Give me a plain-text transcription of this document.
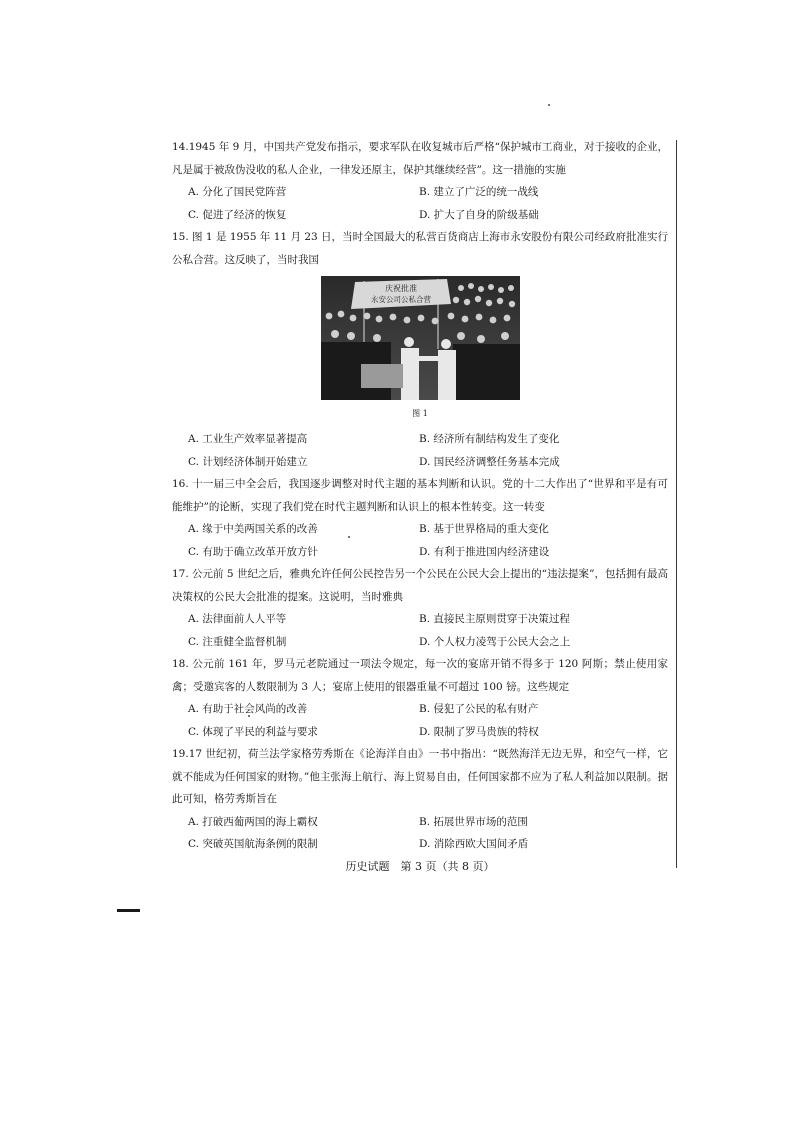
14.1945 年 9 月，中国共产党发布指示，要求军队在收复城市后严格“保护城市工商业，对于接收的企业，凡是属于被敌伪没收的私人企业，一律发还原主，保护其继续经营”。这一措施的实施
A. 分化了国民党阵营	B. 建立了广泛的统一战线
C. 促进了经济的恢复	D. 扩大了自身的阶级基础
15. 图 1 是 1955 年 11 月 23 日，当时全国最大的私营百货商店上海市永安股份有限公司经政府批准实行公私合营。这反映了，当时我国
庆祝批准
永安公司公私合营
图 1
A. 工业生产效率显著提高	B. 经济所有制结构发生了变化
C. 计划经济体制开始建立	D. 国民经济调整任务基本完成
16. 十一届三中全会后，我国逐步调整对时代主题的基本判断和认识。党的十二大作出了“世界和平是有可能维护”的论断，实现了我们党在时代主题判断和认识上的根本性转变。这一转变
A. 缘于中美两国关系的改善	B. 基于世界格局的重大变化
C. 有助于确立改革开放方针	D. 有利于推进国内经济建设
17. 公元前 5 世纪之后，雅典允许任何公民控告另一个公民在公民大会上提出的“违法提案”，包括拥有最高决策权的公民大会批准的提案。这说明，当时雅典
A. 法律面前人人平等	B. 直接民主原则贯穿于决策过程
C. 注重健全监督机制	D. 个人权力凌驾于公民大会之上
18. 公元前 161 年，罗马元老院通过一项法令规定，每一次的宴席开销不得多于 120 阿斯；禁止使用家禽；受邀宾客的人数限制为 3 人；宴席上使用的银器重量不可超过 100 镑。这些规定
A. 有助于社会风尚的改善	B. 侵犯了公民的私有财产
C. 体现了平民的利益与要求	D. 限制了罗马贵族的特权
19.17 世纪初，荷兰法学家格劳秀斯在《论海洋自由》一书中指出：“既然海洋无边无界，和空气一样，它就不能成为任何国家的财物。”他主张海上航行、海上贸易自由，任何国家都不应为了私人利益加以限制。据此可知，格劳秀斯旨在
A. 打破西葡两国的海上霸权	B. 拓展世界市场的范围
C. 突破英国航海条例的限制	D. 消除西欧大国间矛盾
历史试题　第 3 页（共 8 页）
